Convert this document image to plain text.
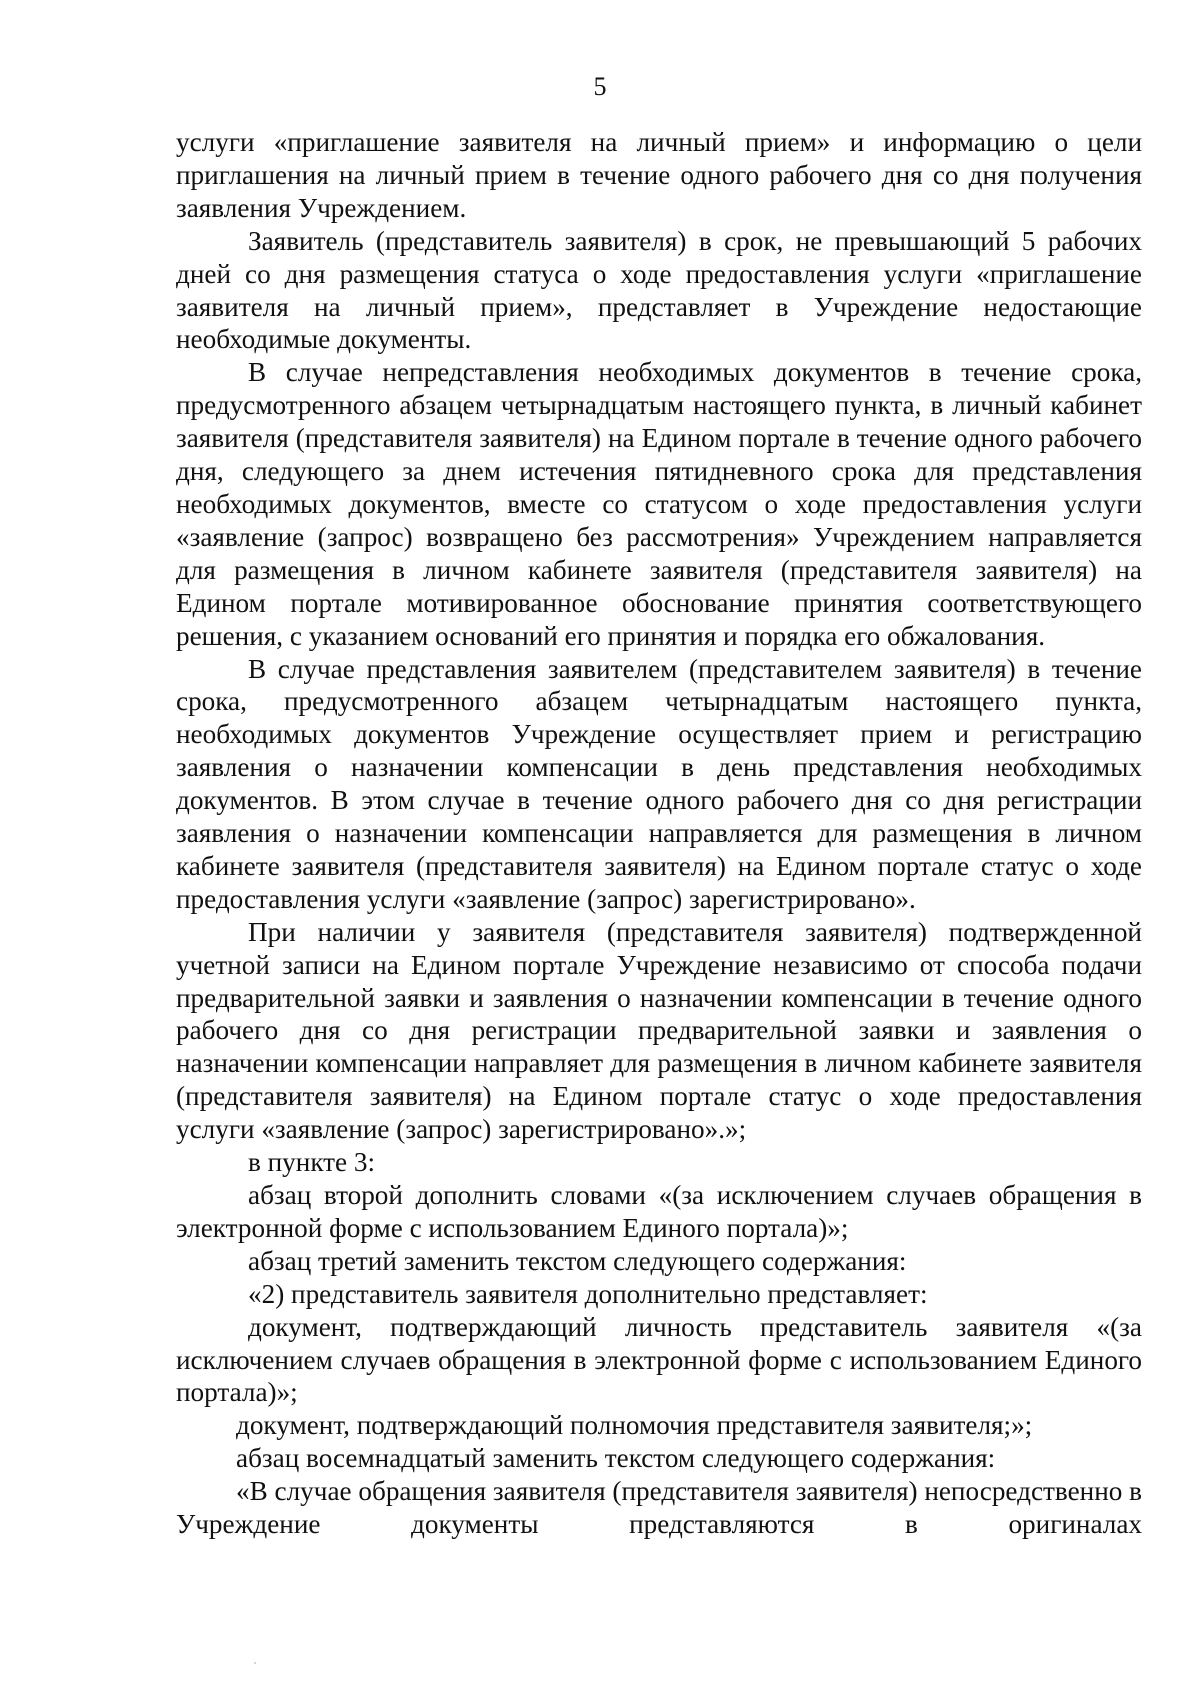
5

услуги «приглашение заявителя на личный прием» и информацию о цели приглашения на личный прием в течение одного рабочего дня со дня получения заявления Учреждением.

Заявитель (представитель заявителя) в срок, не превышающий 5 рабочих дней со дня размещения статуса о ходе предоставления услуги «приглашение заявителя на личный прием», представляет в Учреждение недостающие необходимые документы.

В случае непредставления необходимых документов в течение срока, предусмотренного абзацем четырнадцатым настоящего пункта, в личный кабинет заявителя (представителя заявителя) на Едином портале в течение одного рабочего дня, следующего за днем истечения пятидневного срока для представления необходимых документов, вместе со статусом о ходе предоставления услуги «заявление (запрос) возвращено без рассмотрения» Учреждением направляется для размещения в личном кабинете заявителя (представителя заявителя) на Едином портале мотивированное обоснование принятия соответствующего решения, с указанием оснований его принятия и порядка его обжалования.

В случае представления заявителем (представителем заявителя) в течение срока, предусмотренного абзацем четырнадцатым настоящего пункта, необходимых документов Учреждение осуществляет прием и регистрацию заявления о назначении компенсации в день представления необходимых документов. В этом случае в течение одного рабочего дня со дня регистрации заявления о назначении компенсации направляется для размещения в личном кабинете заявителя (представителя заявителя) на Едином портале статус о ходе предоставления услуги «заявление (запрос) зарегистрировано».

При наличии у заявителя (представителя заявителя) подтвержденной учетной записи на Едином портале Учреждение независимо от способа подачи предварительной заявки и заявления о назначении компенсации в течение одного рабочего дня со дня регистрации предварительной заявки и заявления о назначении компенсации направляет для размещения в личном кабинете заявителя (представителя заявителя) на Едином портале статус о ходе предоставления услуги «заявление (запрос) зарегистрировано».»;

в пункте 3:

абзац второй дополнить словами «(за исключением случаев обращения в электронной форме с использованием Единого портала)»;

абзац третий заменить текстом следующего содержания:

«2) представитель заявителя дополнительно представляет:

документ, подтверждающий личность представитель заявителя «(за исключением случаев обращения в электронной форме с использованием Единого портала)»;

документ, подтверждающий полномочия представителя заявителя;»;

абзац восемнадцатый заменить текстом следующего содержания:

«В случае обращения заявителя (представителя заявителя) непосредственно в Учреждение документы представляются в оригиналах
